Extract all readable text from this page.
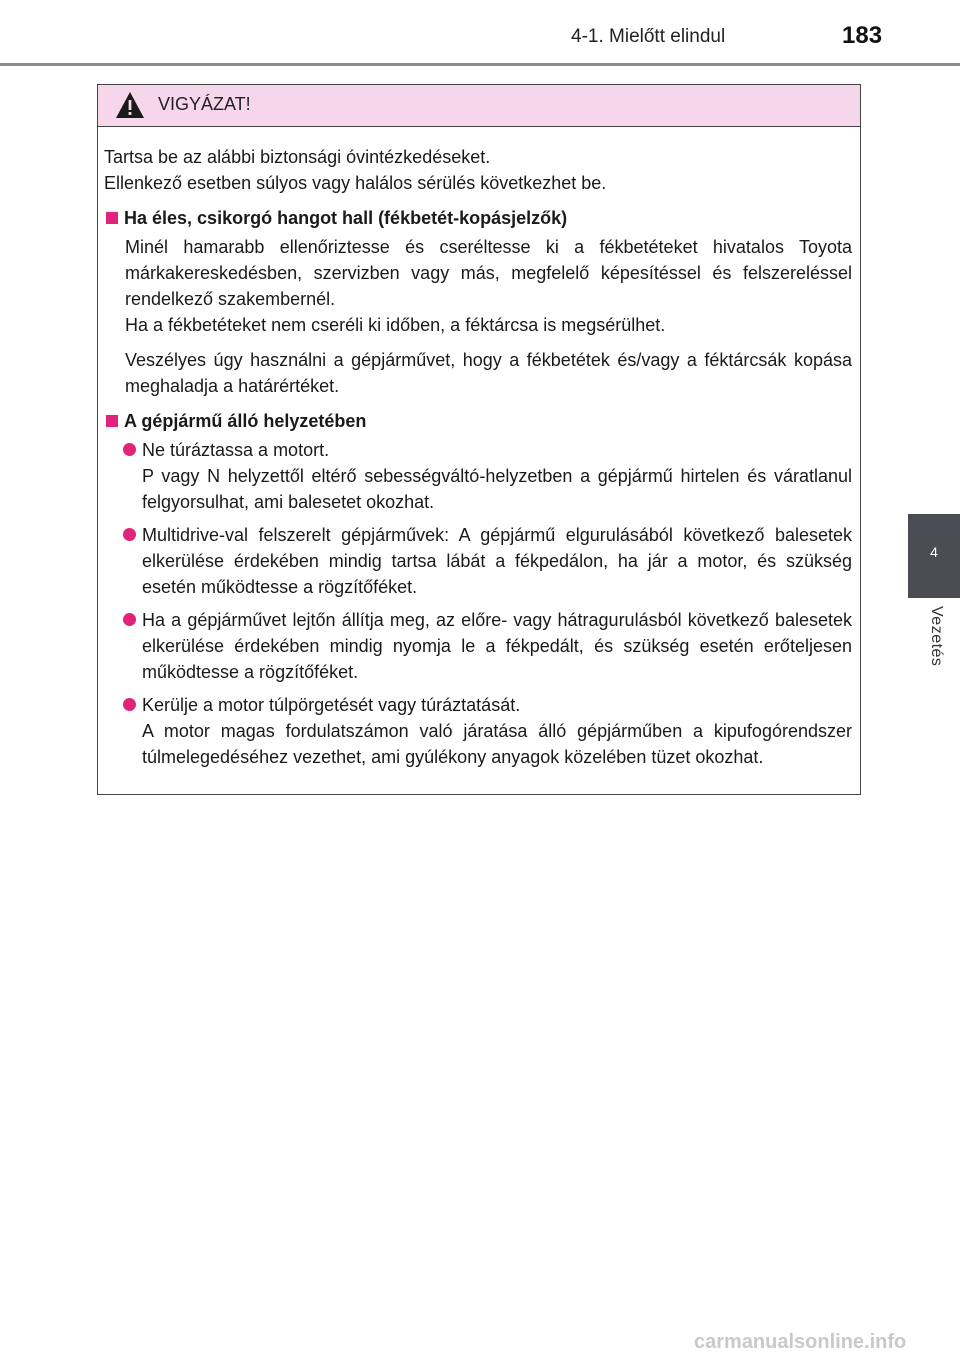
4-1. Mielőtt elindul	183
4
Vezetés
VIGYÁZAT!

Tartsa be az alábbi biztonsági óvintézkedéseket.

Ellenkező esetben súlyos vagy halálos sérülés következhet be.

Ha éles, csikorgó hangot hall (fékbetét-kopásjelzők)

Minél hamarabb ellenőriztesse és cseréltesse ki a fékbetéteket hivatalos Toyota márkakereskedésben, szervizben vagy más, megfelelő képesítéssel és felszereléssel rendelkező szakembernél.

Ha a fékbetéteket nem cseréli ki időben, a féktárcsa is megsérülhet.

Veszélyes úgy használni a gépjárművet, hogy a fékbetétek és/vagy a féktárcsák kopása meghaladja a határértéket.

A gépjármű álló helyzetében

Ne túráztassa a motort.

P vagy N helyzettől eltérő sebességváltó-helyzetben a gépjármű hirtelen és váratlanul felgyorsulhat, ami balesetet okozhat.

Multidrive-val felszerelt gépjárművek: A gépjármű elgurulásából következő balesetek elkerülése érdekében mindig tartsa lábát a fékpedálon, ha jár a motor, és szükség esetén működtesse a rögzítőféket.

Ha a gépjárművet lejtőn állítja meg, az előre- vagy hátragurulásból következő balesetek elkerülése érdekében mindig nyomja le a fékpedált, és szükség esetén erőteljesen működtesse a rögzítőféket.

Kerülje a motor túlpörgetését vagy túráztatását.

A motor magas fordulatszámon való járatása álló gépjárműben a kipufogórendszer túlmelegedéséhez vezethet, ami gyúlékony anyagok közelében tüzet okozhat.

carmanualsonline.info
